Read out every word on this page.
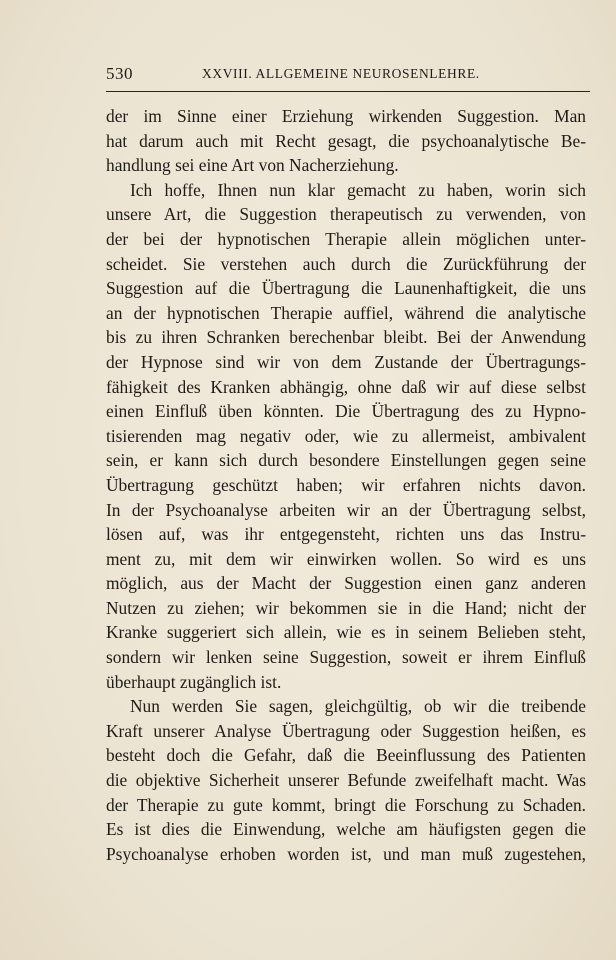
530	XXVIII. ALLGEMEINE NEUROSENLEHRE.
der im Sinne einer Erziehung wirkenden Suggestion. Man
hat darum auch mit Recht gesagt, die psychoanalytische Be-
handlung sei eine Art von Nacherziehung.
Ich hoffe, Ihnen nun klar gemacht zu haben, worin sich
unsere Art, die Suggestion therapeutisch zu verwenden, von
der bei der hypnotischen Therapie allein möglichen unter-
scheidet. Sie verstehen auch durch die Zurückführung der
Suggestion auf die Übertragung die Launenhaftigkeit, die uns
an der hypnotischen Therapie auffiel, während die analytische
bis zu ihren Schranken berechenbar bleibt. Bei der Anwendung
der Hypnose sind wir von dem Zustande der Übertragungs-
fähigkeit des Kranken abhängig, ohne daß wir auf diese selbst
einen Einfluß üben könnten. Die Übertragung des zu Hypno-
tisierenden mag negativ oder, wie zu allermeist, ambivalent
sein, er kann sich durch besondere Einstellungen gegen seine
Übertragung geschützt haben; wir erfahren nichts davon.
In der Psychoanalyse arbeiten wir an der Übertragung selbst,
lösen auf, was ihr entgegensteht, richten uns das Instru-
ment zu, mit dem wir einwirken wollen. So wird es uns
möglich, aus der Macht der Suggestion einen ganz anderen
Nutzen zu ziehen; wir bekommen sie in die Hand; nicht der
Kranke suggeriert sich allein, wie es in seinem Belieben steht,
sondern wir lenken seine Suggestion, soweit er ihrem Einfluß
überhaupt zugänglich ist.
Nun werden Sie sagen, gleichgültig, ob wir die treibende
Kraft unserer Analyse Übertragung oder Suggestion heißen, es
besteht doch die Gefahr, daß die Beeinflussung des Patienten
die objektive Sicherheit unserer Befunde zweifelhaft macht. Was
der Therapie zu gute kommt, bringt die Forschung zu Schaden.
Es ist dies die Einwendung, welche am häufigsten gegen die
Psychoanalyse erhoben worden ist, und man muß zugestehen,
